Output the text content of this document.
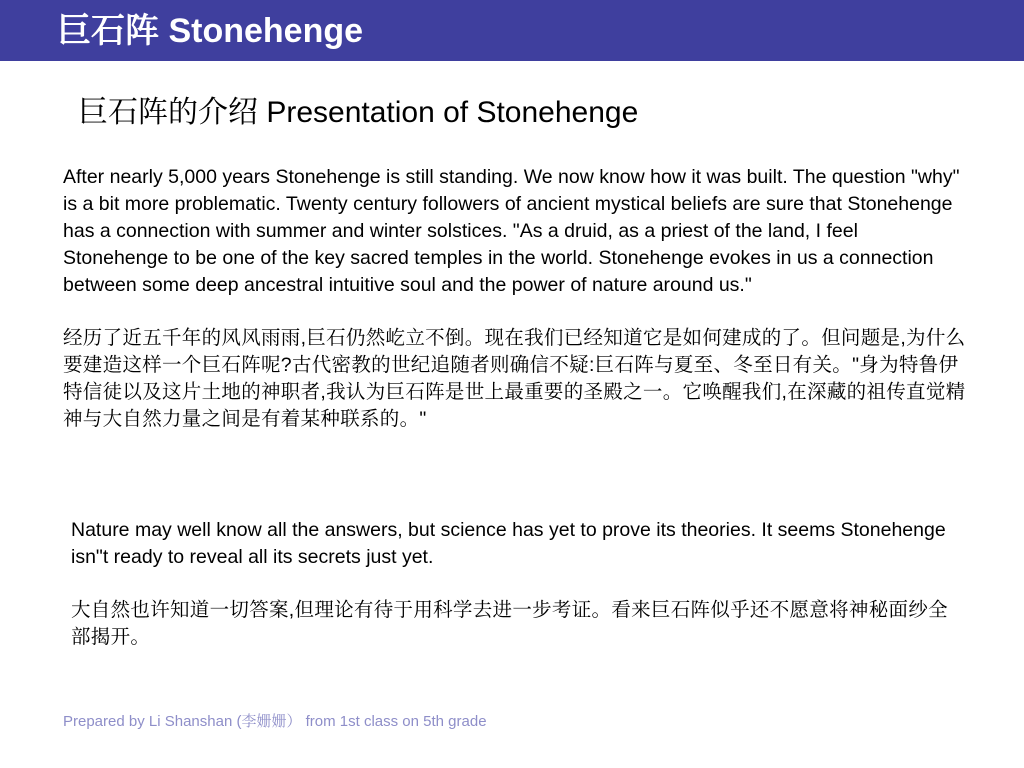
巨石阵 Stonehenge
巨石阵的介绍 Presentation of Stonehenge

After nearly 5,000 years Stonehenge is still standing. We now know how it was built. The question "why" is a bit more problematic. Twenty century followers of ancient mystical beliefs are sure that Stonehenge has a connection with summer and winter solstices. "As a druid, as a priest of the land, I feel Stonehenge to be one of the key sacred temples in the world. Stonehenge evokes in us a connection between some deep ancestral intuitive soul and the power of nature around us."

经历了近五千年的风风雨雨,巨石仍然屹立不倒。现在我们已经知道它是如何建成的了。但问题是,为什么要建造这样一个巨石阵呢?古代密教的世纪追随者则确信不疑:巨石阵与夏至、冬至日有关。"身为特鲁伊特信徒以及这片土地的神职者,我认为巨石阵是世上最重要的圣殿之一。它唤醒我们,在深藏的祖传直觉精神与大自然力量之间是有着某种联系的。"

Nature may well know all the answers, but science has yet to prove its theories. It seems Stonehenge isn"t ready to reveal all its secrets just yet.

大自然也许知道一切答案,但理论有待于用科学去进一步考证。看来巨石阵似乎还不愿意将神秘面纱全部揭开。

Prepared by Li Shanshan (李姗姗） from 1st class on 5th grade
